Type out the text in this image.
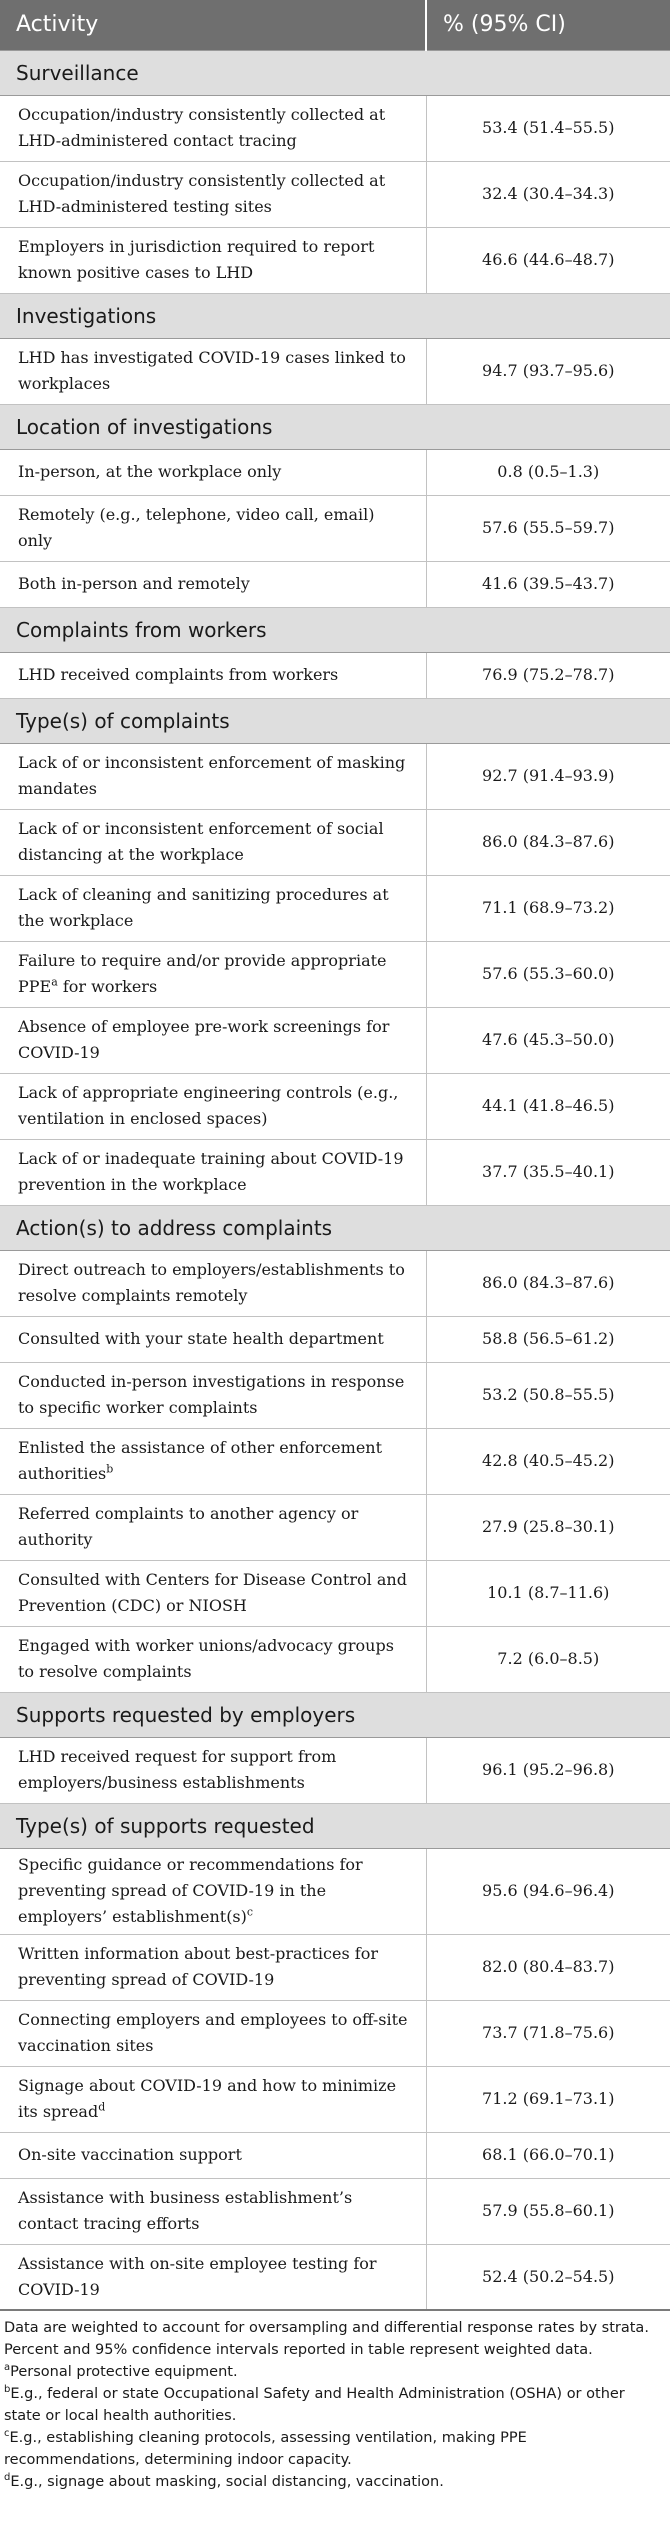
Activity	% (95% CI)
Surveillance	
Occupation/industry consistently collected at LHD-administered contact tracing	53.4 (51.4–55.5)
Occupation/industry consistently collected at LHD-administered testing sites	32.4 (30.4–34.3)
Employers in jurisdiction required to report known positive cases to LHD	46.6 (44.6–48.7)
Investigations	
LHD has investigated COVID-19 cases linked to workplaces	94.7 (93.7–95.6)
Location of investigations	
In-person, at the workplace only	0.8 (0.5–1.3)
Remotely (e.g., telephone, video call, email) only	57.6 (55.5–59.7)
Both in-person and remotely	41.6 (39.5–43.7)
Complaints from workers	
LHD received complaints from workers	76.9 (75.2–78.7)
Type(s) of complaints	
Lack of or inconsistent enforcement of masking mandates	92.7 (91.4–93.9)
Lack of or inconsistent enforcement of social distancing at the workplace	86.0 (84.3–87.6)
Lack of cleaning and sanitizing procedures at the workplace	71.1 (68.9–73.2)
Failure to require and/or provide appropriate PPE$^a$ for workers	57.6 (55.3–60.0)
Absence of employee pre-work screenings for COVID-19	47.6 (45.3–50.0)
Lack of appropriate engineering controls (e.g., ventilation in enclosed spaces)	44.1 (41.8–46.5)
Lack of or inadequate training about COVID-19 prevention in the workplace	37.7 (35.5–40.1)
Action(s) to address complaints	
Direct outreach to employers/establishments to resolve complaints remotely	86.0 (84.3–87.6)
Consulted with your state health department	58.8 (56.5–61.2)
Conducted in-person investigations in response to specific worker complaints	53.2 (50.8–55.5)
Enlisted the assistance of other enforcement authorities$^b$	42.8 (40.5–45.2)
Referred complaints to another agency or authority	27.9 (25.8–30.1)
Consulted with Centers for Disease Control and Prevention (CDC) or NIOSH	10.1 (8.7–11.6)
Engaged with worker unions/advocacy groups to resolve complaints	7.2 (6.0–8.5)
Supports requested by employers	
LHD received request for support from employers/business establishments	96.1 (95.2–96.8)
Type(s) of supports requested	
Specific guidance or recommendations for preventing spread of COVID-19 in the employers’ $establishment(s)^c$	95.6 (94.6–96.4)
Written information about best-practices for preventing spread of COVID-19	82.0 (80.4–83.7)
Connecting employers and employees to off-site vaccination sites	73.7 (71.8–75.6)
Signage about COVID-19 and how to minimize its spread$^d$	71.2 (69.1–73.1)
On-site vaccination support	68.1 (66.0–70.1)
Assistance with business establishment’s contact tracing efforts	57.9 (55.8–60.1)
Assistance with on-site employee testing for COVID-19	52.4 (50.2–54.5)

Data are weighted to account for oversampling and differential response rates by strata. Percent and 95% confidence intervals reported in table represent weighted data.

$^a$Personal protective equipment.

$^b$E.g., federal or state Occupational Safety and Health Administration (OSHA) or other state or local health authorities.

$^c$E.g., establishing cleaning protocols, assessing ventilation, making PPE recommendations, determining indoor capacity.

$^d$E.g., signage about masking, social distancing, vaccination.
